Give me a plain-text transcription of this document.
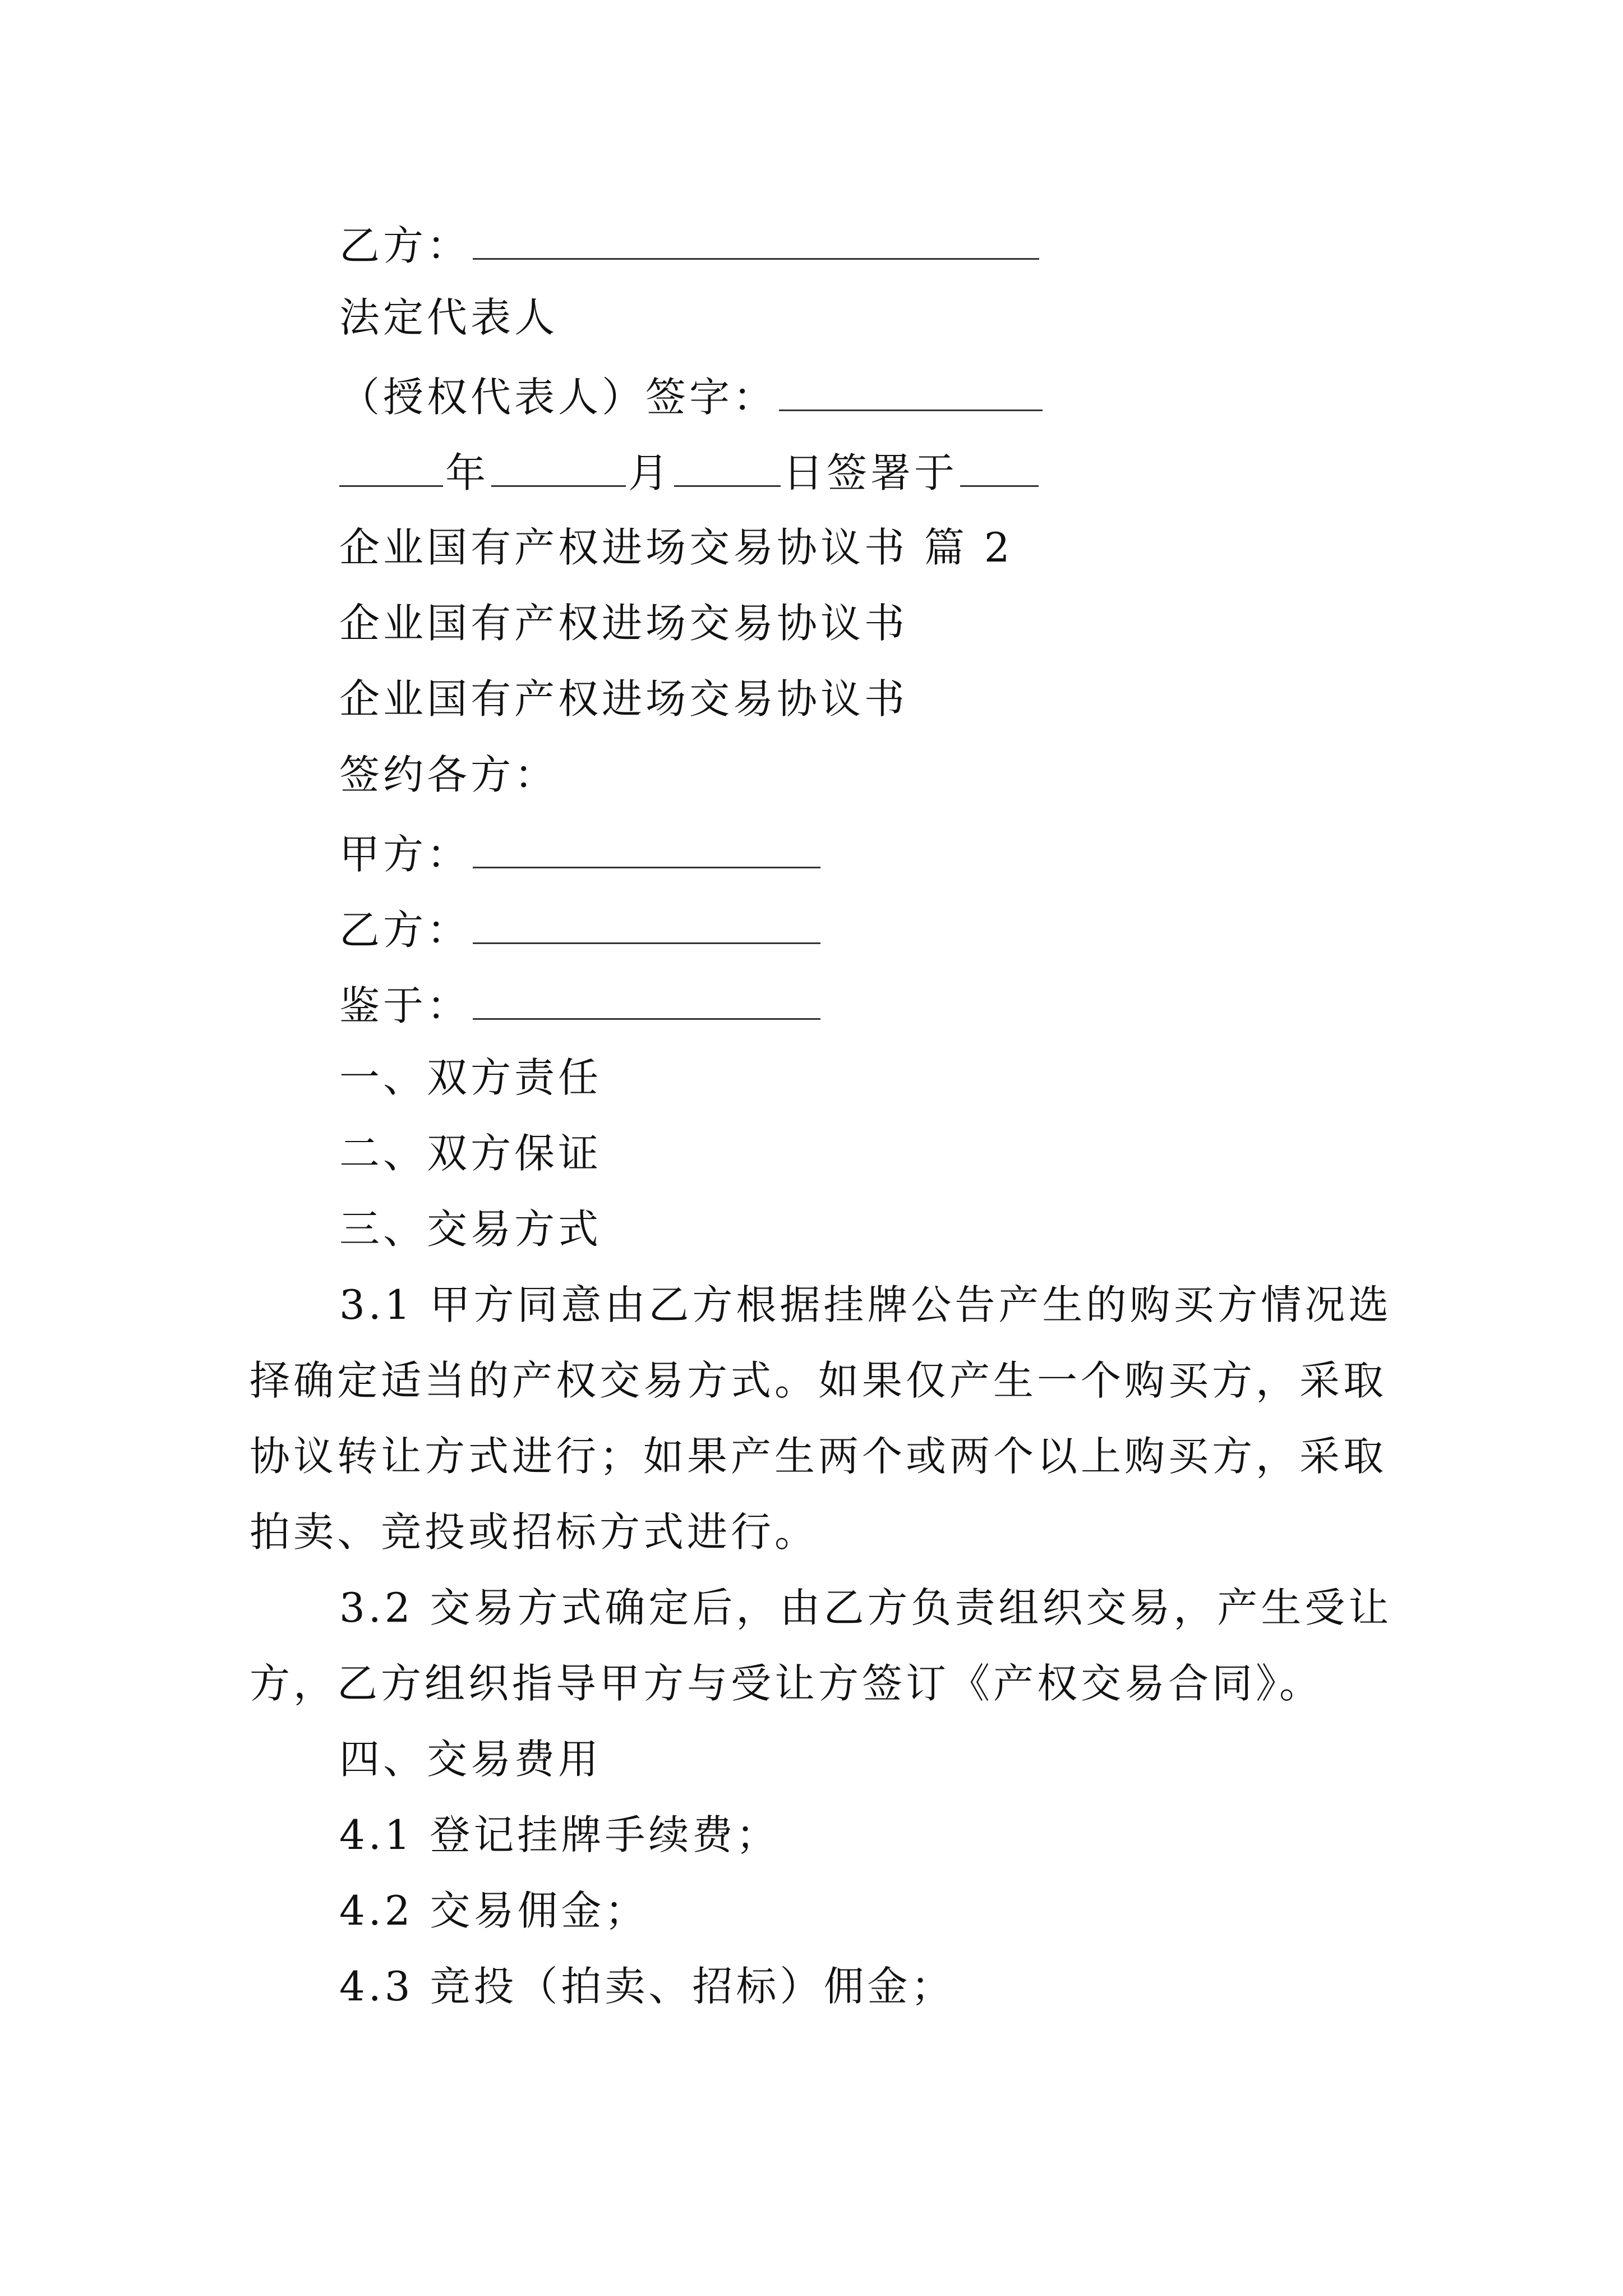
乙方：
法定代表人
（授权代表人）签字：
年	月	日签署于
企业国有产权进场交易协议书 篇 2
企业国有产权进场交易协议书
企业国有产权进场交易协议书
签约各方：
甲方：
乙方：
鉴于：
一、双方责任
二、双方保证
三、交易方式
3.1 甲方同意由乙方根据挂牌公告产生的购买方情况选
择确定适当的产权交易方式。如果仅产生一个购买方，采取
协议转让方式进行；如果产生两个或两个以上购买方，采取
拍卖、竞投或招标方式进行。
3.2 交易方式确定后，由乙方负责组织交易，产生受让
方，乙方组织指导甲方与受让方签订《产权交易合同》。
四、交易费用
4.1 登记挂牌手续费；
4.2 交易佣金；
4.3 竞投（拍卖、招标）佣金；
